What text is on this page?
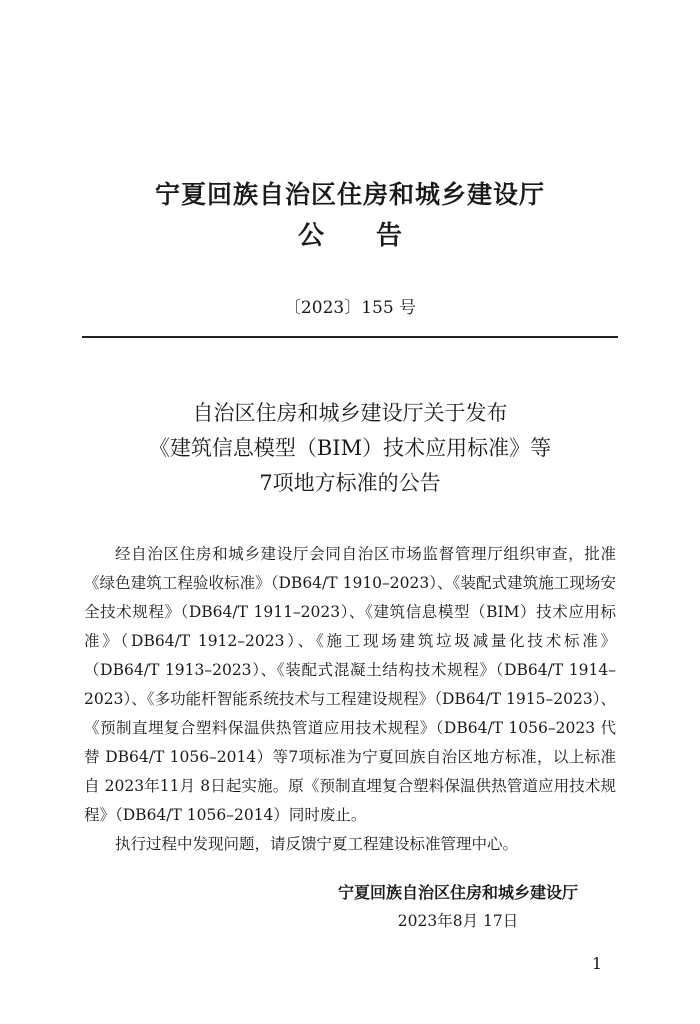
宁夏回族自治区住房和城乡建设厅
公 告
〔2023〕155 号
自治区住房和城乡建设厅关于发布
《建筑信息模型（BIM）技术应用标准》等
7项地方标准的公告

经自治区住房和城乡建设厅会同自治区市场监督管理厅组织审查，批准《绿色建筑工程验收标准》（DB64/T 1910–2023）、《装配式建筑施工现场安全技术规程》（DB64/T 1911–2023）、《建筑信息模型（BIM）技术应用标准》（DB64/T 1912–2023）、《施工现场建筑垃圾减量化技术标准》（DB64/T 1913–2023）、《装配式混凝土结构技术规程》（DB64/T 1914–2023）、《多功能杆智能系统技术与工程建设规程》（DB64/T 1915–2023）、《预制直埋复合塑料保温供热管道应用技术规程》（DB64/T 1056–2023 代替 DB64/T 1056–2014）等7项标准为宁夏回族自治区地方标准，以上标准自 2023年11月 8日起实施。原《预制直埋复合塑料保温供热管道应用技术规程》（DB64/T 1056–2014）同时废止。

执行过程中发现问题，请反馈宁夏工程建设标准管理中心。

宁夏回族自治区住房和城乡建设厅
2023年8月 17日
1
